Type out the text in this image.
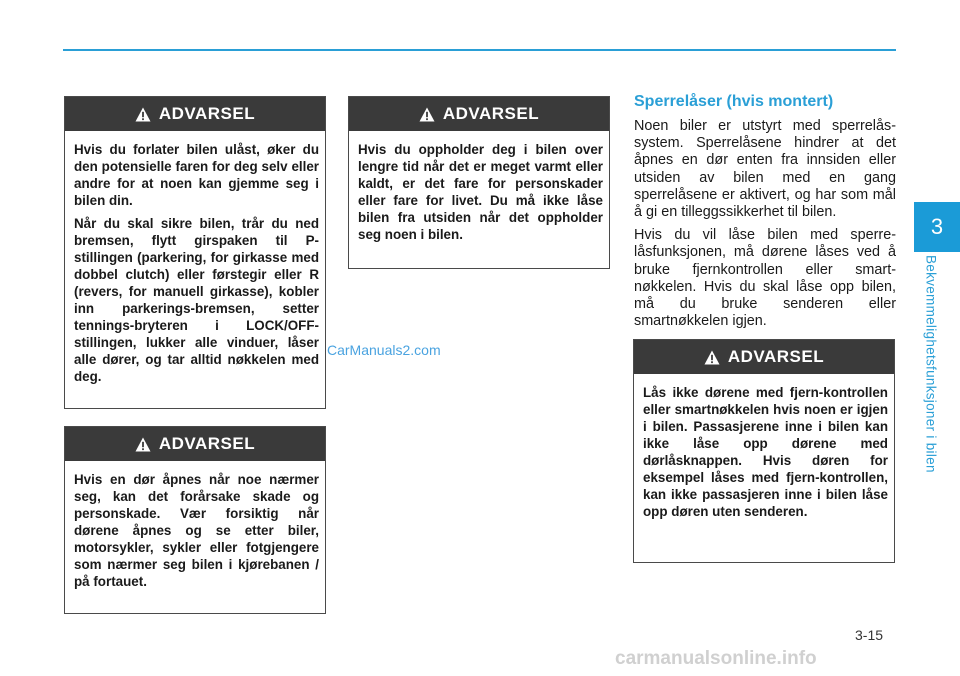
3
Bekvemmelighetsfunksjoner i bilen
ADVARSEL

Hvis du forlater bilen ulåst, øker du den potensielle faren for deg selv eller andre for at noen kan gjemme seg i bilen din.

Når du skal sikre bilen, trår du ned bremsen, flytt girspaken til P-stillingen (parkering, for girkasse med dobbel clutch) eller førstegir eller R (revers, for manuell girkasse), kobler inn parkerings-bremsen, setter tennings-bryteren i LOCK/OFF-stillingen, lukker alle vinduer, låser alle dører, og tar alltid nøkkelen med deg.

ADVARSEL

Hvis en dør åpnes når noe nærmer seg, kan det forårsake skade og personskade. Vær forsiktig når dørene åpnes og se etter biler, motorsykler, sykler eller fotgjengere som nærmer seg bilen i kjørebanen / på fortauet.

ADVARSEL

Hvis du oppholder deg i bilen over lengre tid når det er meget varmt eller kaldt, er det fare for personskader eller fare for livet. Du må ikke låse bilen fra utsiden når det oppholder seg noen i bilen.

CarManuals2.com
Sperrelåser (hvis montert)

Noen biler er utstyrt med sperrelås-system. Sperrelåsene hindrer at det åpnes en dør enten fra innsiden eller utsiden av bilen med en gang sperrelåsene er aktivert, og har som mål å gi en tilleggssikkerhet til bilen.

Hvis du vil låse bilen med sperre-låsfunksjonen, må dørene låses ved å bruke fjernkontrollen eller smart-nøkkelen. Hvis du skal låse opp bilen, må du bruke senderen eller smartnøkkelen igjen.

ADVARSEL

Lås ikke dørene med fjern-kontrollen eller smartnøkkelen hvis noen er igjen i bilen. Passasjerene inne i bilen kan ikke låse opp dørene med dørlåsknappen. Hvis døren for eksempel låses med fjern-kontrollen, kan ikke passasjeren inne i bilen låse opp døren uten senderen.

3-15
carmanualsonline.info
